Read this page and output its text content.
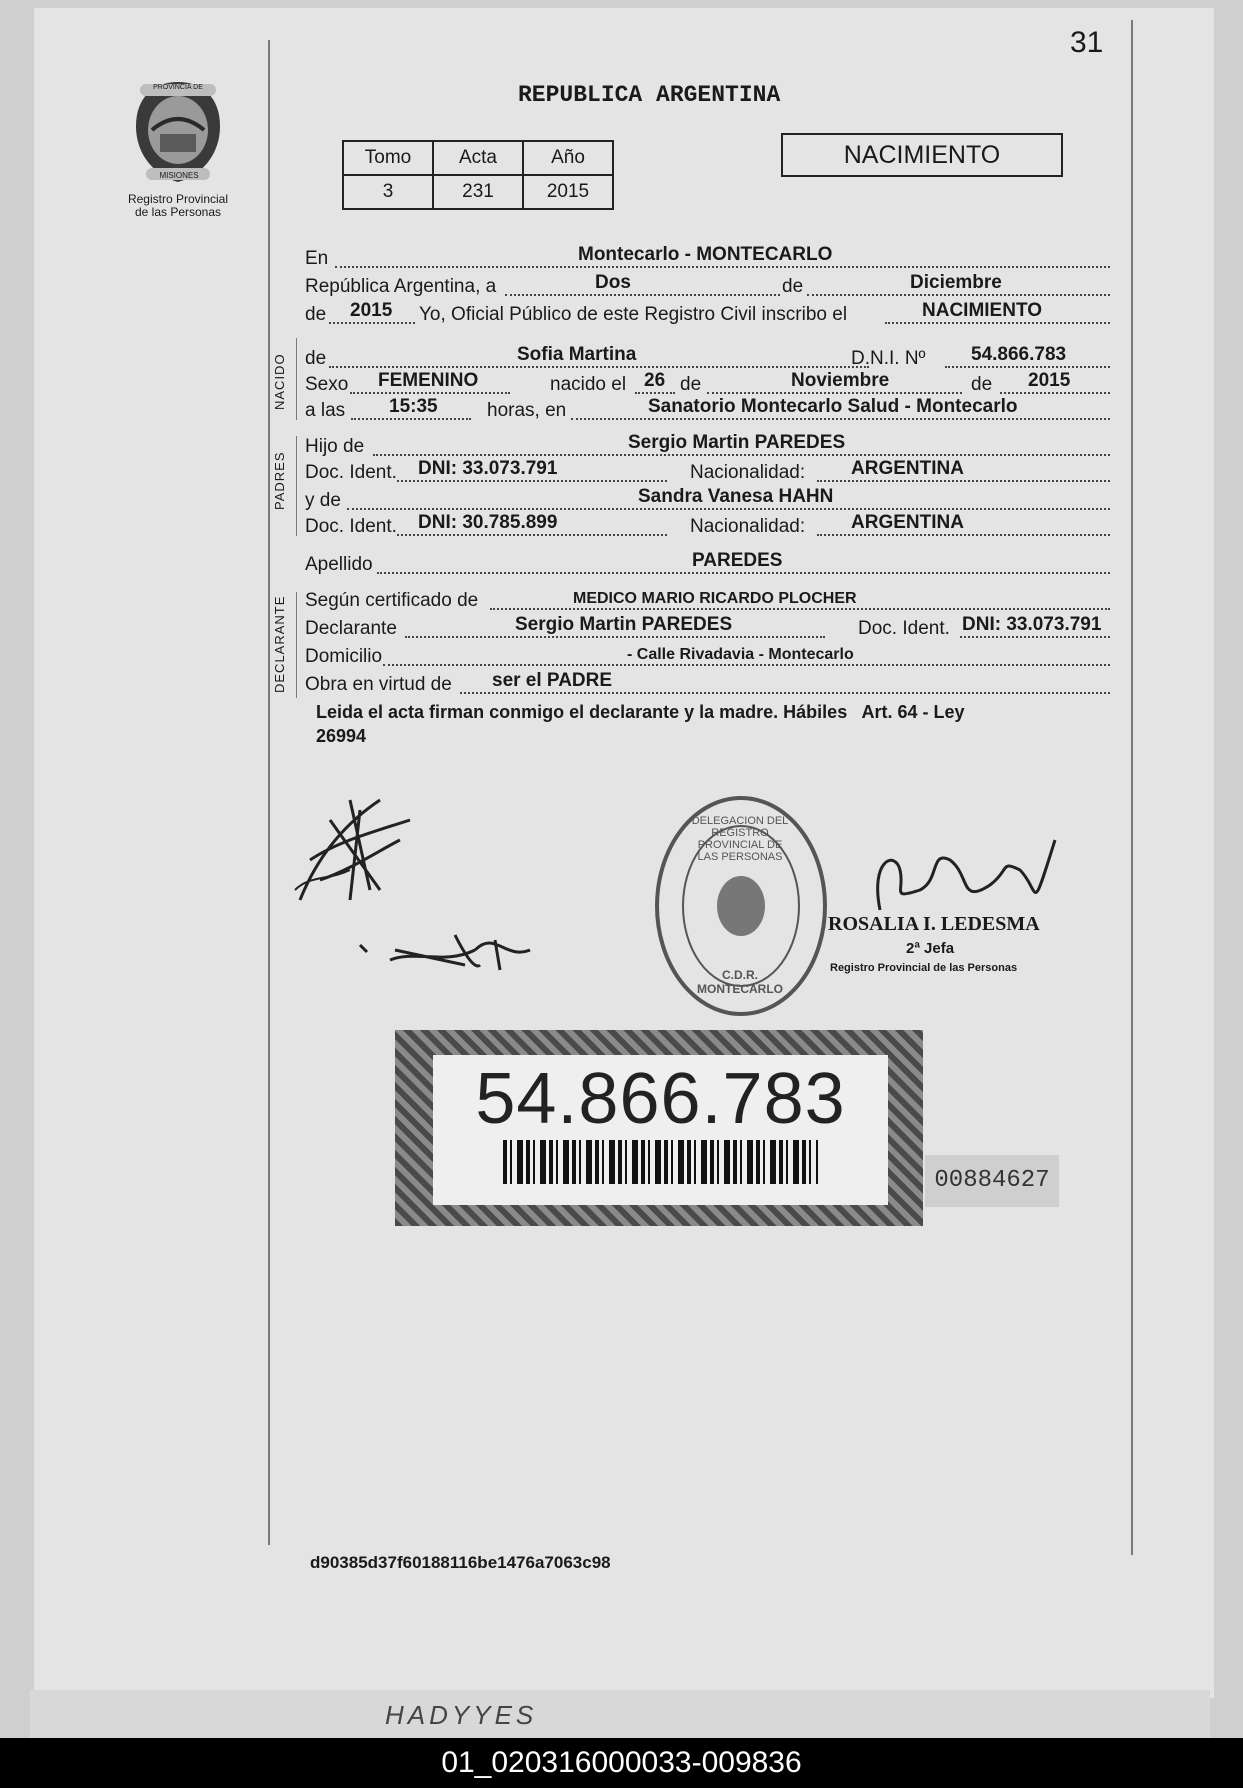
31
PROVINCIA DE
MISIONES
Registro Provincial
de las Personas
REPUBLICA ARGENTINA
Tomo	Acta	Año
3	231	2015
NACIMIENTO
En	Montecarlo - MONTECARLO
República Argentina, a	Dos	de	Diciembre
de 2015 Yo, Oficial Público de este Registro Civil inscribo el	NACIMIENTO
NACIDO de	Sofia Martina	D.N.I. Nº 54.866.783
Sexo FEMENINO	nacido el 26 de	Noviembre	de 2015
a las 15:35	horas, en	Sanatorio Montecarlo Salud - Montecarlo
PADRES
Hijo de	Sergio Martin PAREDES
Doc. Ident. DNI: 33.073.791	Nacionalidad: ARGENTINA
y de	Sandra Vanesa HAHN
Doc. Ident. DNI: 30.785.899	Nacionalidad: ARGENTINA
Apellido	PAREDES
DECLARANTE Según certificado de	MEDICO MARIO RICARDO PLOCHER
Declarante	Sergio Martin PAREDES	Doc. Ident. DNI: 33.073.791
Domicilio	- Calle Rivadavia - Montecarlo
Obra en virtud de ser el PADRE
Leida el acta firman conmigo el declarante y la madre. Hábiles   Art. 64 - Ley
26994
DELEGACION DEL REGISTRO PROVINCIAL DE LAS PERSONAS
C.D.R. MONTECARLO
ROSALIA I. LEDESMA
2ª Jefa
Registro Provincial de las Personas
54.866.783
00884627
d90385d37f60188116be1476a7063c98
HADYYES
01_020316000033-009836
